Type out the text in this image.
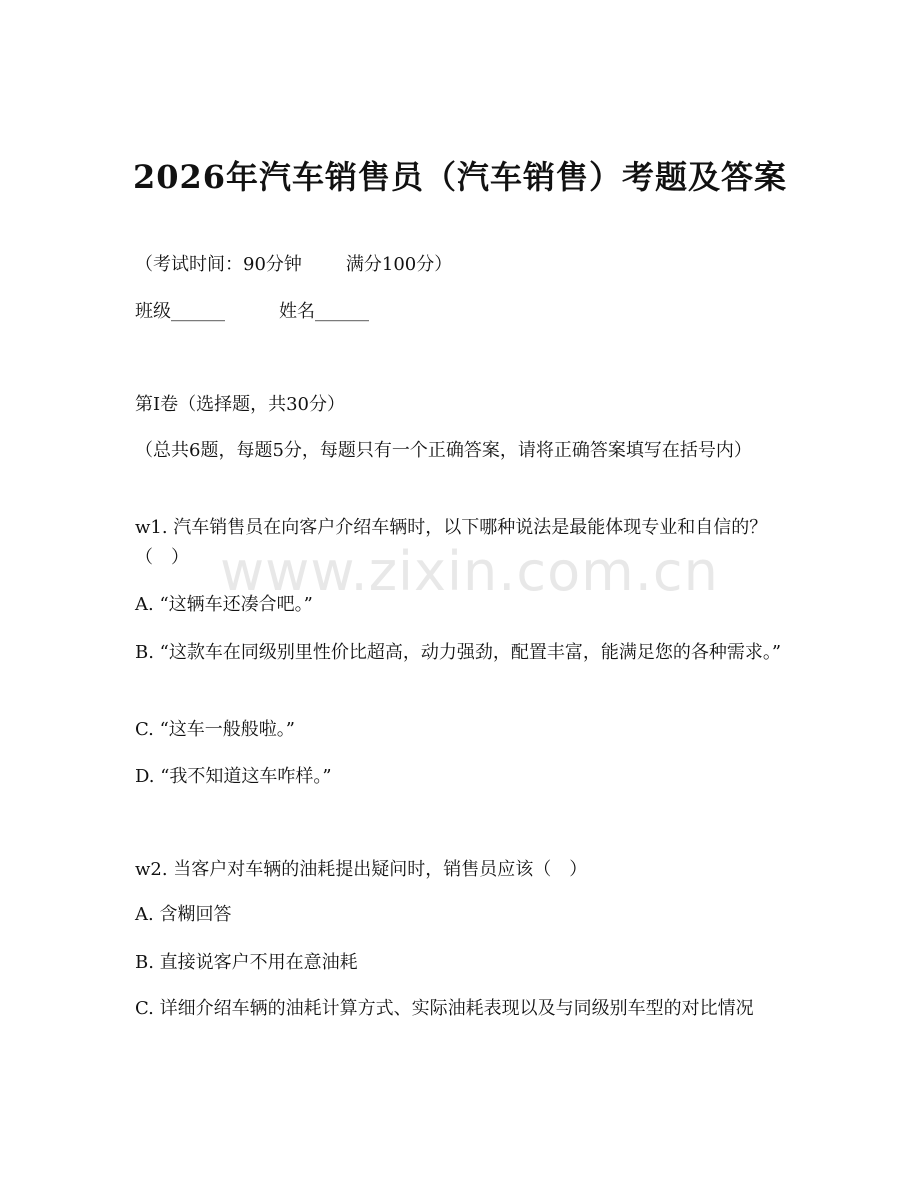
2026年汽车销售员（汽车销售）考题及答案
（考试时间：90分钟 满分100分）
班级______	姓名______
第I卷（选择题，共30分）
（总共6题，每题5分，每题只有一个正确答案，请将正确答案填写在括号内）
w1. 汽车销售员在向客户介绍车辆时，以下哪种说法是最能体现专业和自信的？（　）
A. “这辆车还凑合吧。”
B. “这款车在同级别里性价比超高，动力强劲，配置丰富，能满足您的各种需求。”
C. “这车一般般啦。”
D. “我不知道这车咋样。”
w2. 当客户对车辆的油耗提出疑问时，销售员应该（　）
A. 含糊回答
B. 直接说客户不用在意油耗
C. 详细介绍车辆的油耗计算方式、实际油耗表现以及与同级别车型的对比情况
www.zixin.com.cn
